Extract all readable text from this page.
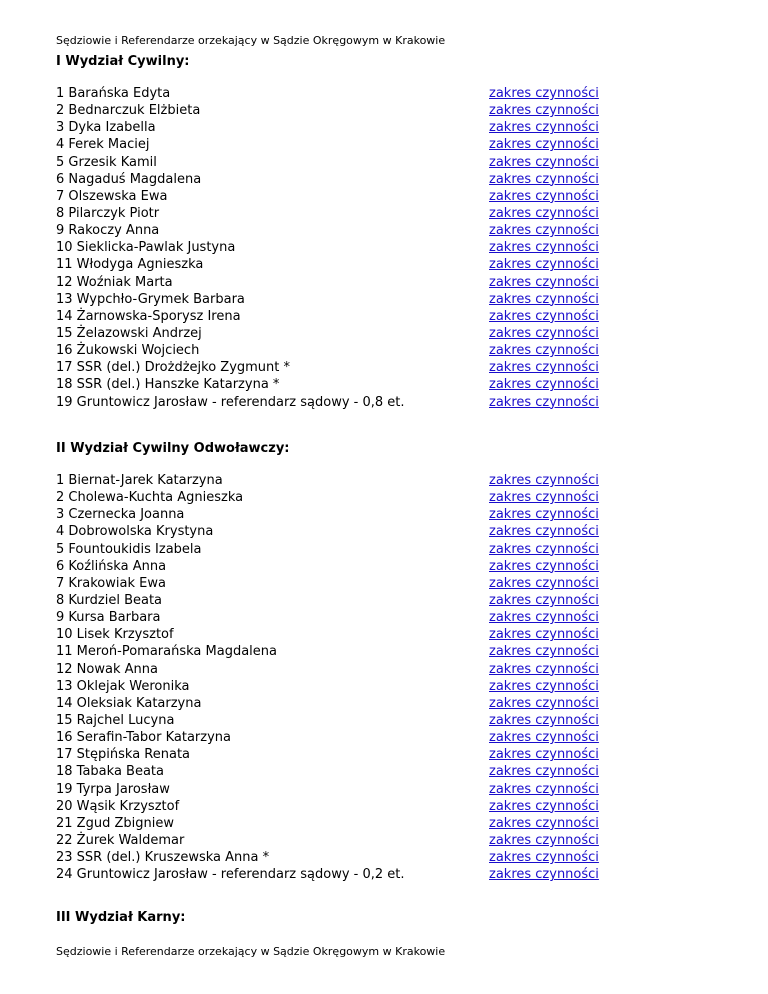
Sędziowie i Referendarze orzekający w Sądzie Okręgowym w Krakowie
I Wydział Cywilny:
1 Barańska Edyta	zakres czynności
2 Bednarczuk Elżbieta	zakres czynności
3 Dyka Izabella	zakres czynności
4 Ferek Maciej	zakres czynności
5 Grzesik Kamil	zakres czynności
6 Nagaduś Magdalena	zakres czynności
7 Olszewska Ewa	zakres czynności
8 Pilarczyk Piotr	zakres czynności
9 Rakoczy Anna	zakres czynności
10 Sieklicka-Pawlak Justyna	zakres czynności
11 Włodyga Agnieszka	zakres czynności
12 Woźniak Marta	zakres czynności
13 Wypchło-Grymek Barbara	zakres czynności
14 Żarnowska-Sporysz Irena	zakres czynności
15 Żelazowski Andrzej	zakres czynności
16 Żukowski Wojciech	zakres czynności
17 SSR (del.) Drożdżejko Zygmunt *	zakres czynności
18 SSR (del.) Hanszke Katarzyna *	zakres czynności
19 Gruntowicz Jarosław - referendarz sądowy - 0,8 et.	zakres czynności
II Wydział Cywilny Odwoławczy:
1 Biernat-Jarek Katarzyna	zakres czynności
2 Cholewa-Kuchta Agnieszka	zakres czynności
3 Czernecka Joanna	zakres czynności
4 Dobrowolska Krystyna	zakres czynności
5 Fountoukidis Izabela	zakres czynności
6 Koźlińska Anna	zakres czynności
7 Krakowiak Ewa	zakres czynności
8 Kurdziel Beata	zakres czynności
9 Kursa Barbara	zakres czynności
10 Lisek Krzysztof	zakres czynności
11 Meroń-Pomarańska Magdalena	zakres czynności
12 Nowak Anna	zakres czynności
13 Oklejak Weronika	zakres czynności
14 Oleksiak Katarzyna	zakres czynności
15 Rajchel Lucyna	zakres czynności
16 Serafin-Tabor Katarzyna	zakres czynności
17 Stępińska Renata	zakres czynności
18 Tabaka Beata	zakres czynności
19 Tyrpa Jarosław	zakres czynności
20 Wąsik Krzysztof	zakres czynności
21 Zgud Zbigniew	zakres czynności
22 Żurek Waldemar	zakres czynności
23 SSR (del.) Kruszewska Anna *	zakres czynności
24 Gruntowicz Jarosław - referendarz sądowy - 0,2 et.	zakres czynności
III Wydział Karny:
Sędziowie i Referendarze orzekający w Sądzie Okręgowym w Krakowie
